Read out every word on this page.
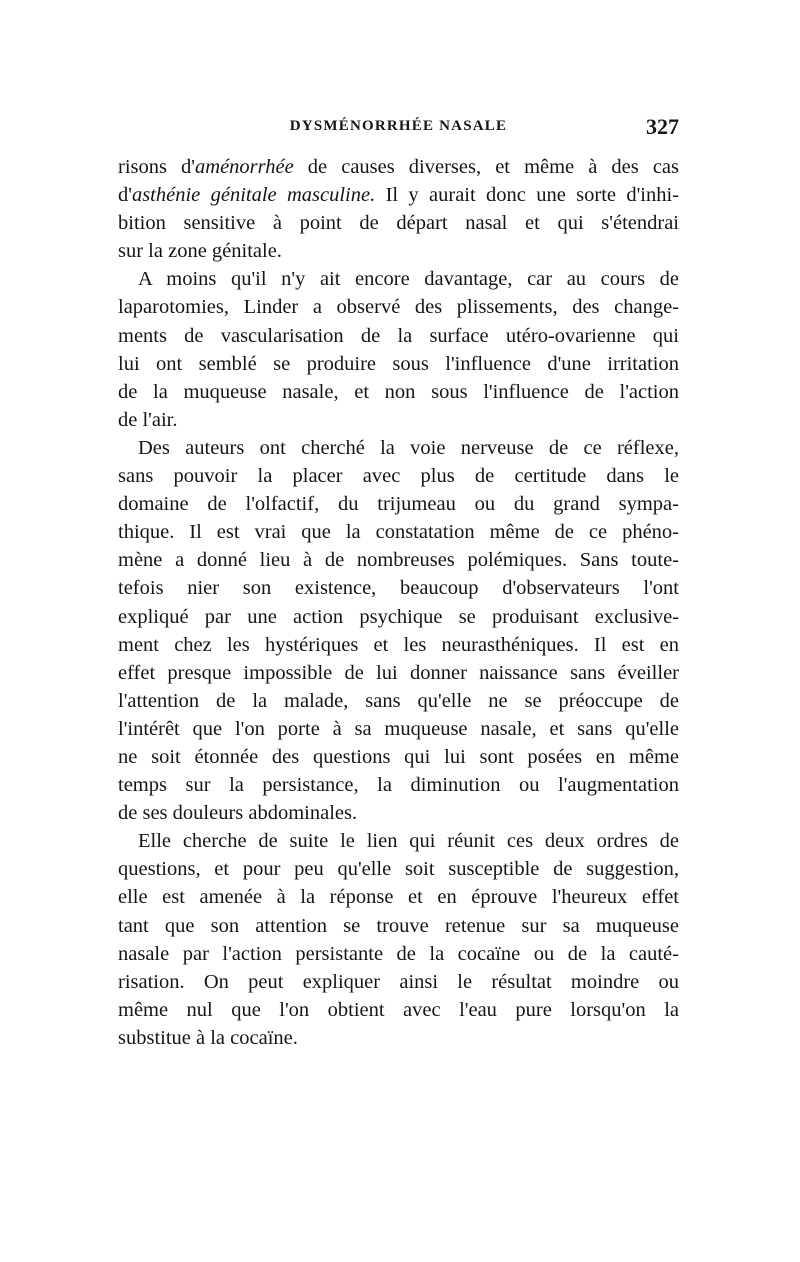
DYSMÉNORRHÉE NASALE	327
risons d'aménorrhée de causes diverses, et même à des cas
d'asthénie génitale masculine. Il y aurait donc une sorte d'inhi-
bition sensitive à point de départ nasal et qui s'étendrai
sur la zone génitale.
A moins qu'il n'y ait encore davantage, car au cours de
laparotomies, Linder a observé des plissements, des change-
ments de vascularisation de la surface utéro-ovarienne qui
lui ont semblé se produire sous l'influence d'une irritation
de la muqueuse nasale, et non sous l'influence de l'action
de l'air.
Des auteurs ont cherché la voie nerveuse de ce réflexe,
sans pouvoir la placer avec plus de certitude dans le
domaine de l'olfactif, du trijumeau ou du grand sympa-
thique. Il est vrai que la constatation même de ce phéno-
mène a donné lieu à de nombreuses polémiques. Sans toute-
tefois nier son existence, beaucoup d'observateurs l'ont
expliqué par une action psychique se produisant exclusive-
ment chez les hystériques et les neurasthéniques. Il est en
effet presque impossible de lui donner naissance sans éveiller
l'attention de la malade, sans qu'elle ne se préoccupe de
l'intérêt que l'on porte à sa muqueuse nasale, et sans qu'elle
ne soit étonnée des questions qui lui sont posées en même
temps sur la persistance, la diminution ou l'augmentation
de ses douleurs abdominales.
Elle cherche de suite le lien qui réunit ces deux ordres de
questions, et pour peu qu'elle soit susceptible de suggestion,
elle est amenée à la réponse et en éprouve l'heureux effet
tant que son attention se trouve retenue sur sa muqueuse
nasale par l'action persistante de la cocaïne ou de la cauté-
risation. On peut expliquer ainsi le résultat moindre ou
même nul que l'on obtient avec l'eau pure lorsqu'on la
substitue à la cocaïne.
